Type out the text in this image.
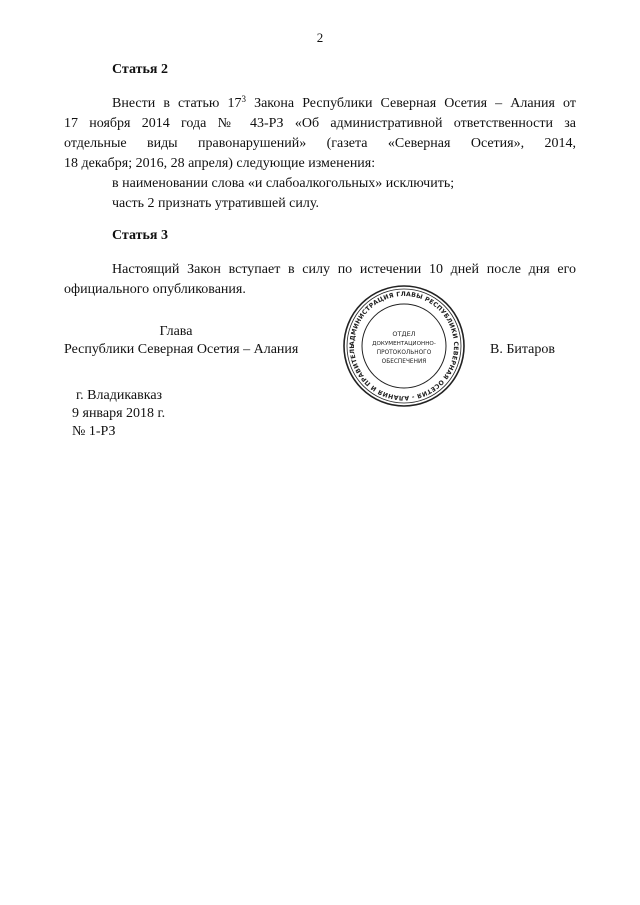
2
Статья 2
Внести в статью $17^3$ Закона Республики Северная Осетия – Алания от
17 ноября 2014 года № 43-РЗ «Об административной ответственности за
отдельные виды правонарушений» (газета «Северная Осетия», 2014,
18 декабря; 2016, 28 апреля) следующие изменения:
в наименовании слова «и слабоалкогольных» исключить;
часть 2 признать утратившей силу.
Статья 3
Настоящий Закон вступает в силу по истечении 10 дней после дня его
официального опубликования.
Глава
Республики Северная Осетия – Алания	В. Битаров
АДМИНИСТРАЦИЯ ГЛАВЫ РЕСПУБЛИКИ СЕВЕРНАЯ ОСЕТИЯ - АЛАНИЯ И ПРАВИТЕЛЬ
ОТДЕЛ
ДОКУМЕНТАЦИОННО-
ПРОТОКОЛЬНОГО
ОБЕСПЕЧЕНИЯ
г. Владикавказ
9 января 2018 г.
№ 1-РЗ
